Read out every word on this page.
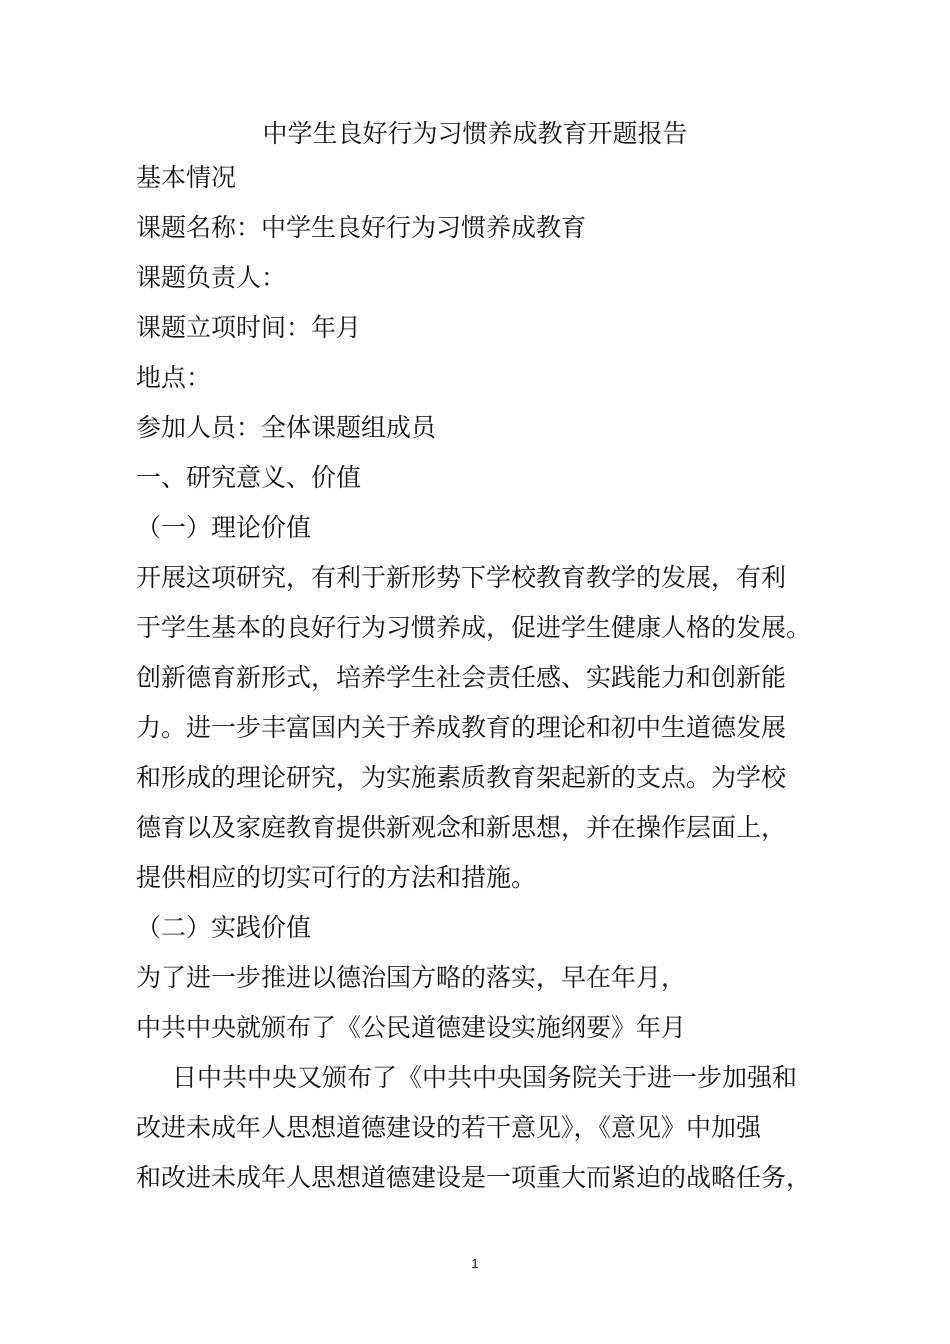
中学生良好行为习惯养成教育开题报告
基本情况
课题名称：中学生良好行为习惯养成教育
课题负责人：
课题立项时间：年月
地点：
参加人员：全体课题组成员
一、研究意义、价值
（一）理论价值
开展这项研究，有利于新形势下学校教育教学的发展，有利
于学生基本的良好行为习惯养成，促进学生健康人格的发展。
创新德育新形式，培养学生社会责任感、实践能力和创新能
力。进一步丰富国内关于养成教育的理论和初中生道德发展
和形成的理论研究，为实施素质教育架起新的支点。为学校
德育以及家庭教育提供新观念和新思想，并在操作层面上，
提供相应的切实可行的方法和措施。
（二）实践价值
为了进一步推进以德治国方略的落实，早在年月，
中共中央就颁布了《公民道德建设实施纲要》年月
日中共中央又颁布了《中共中央国务院关于进一步加强和
改进未成年人思想道德建设的若干意见》，《意见》中加强
和改进未成年人思想道德建设是一项重大而紧迫的战略任务，
1
